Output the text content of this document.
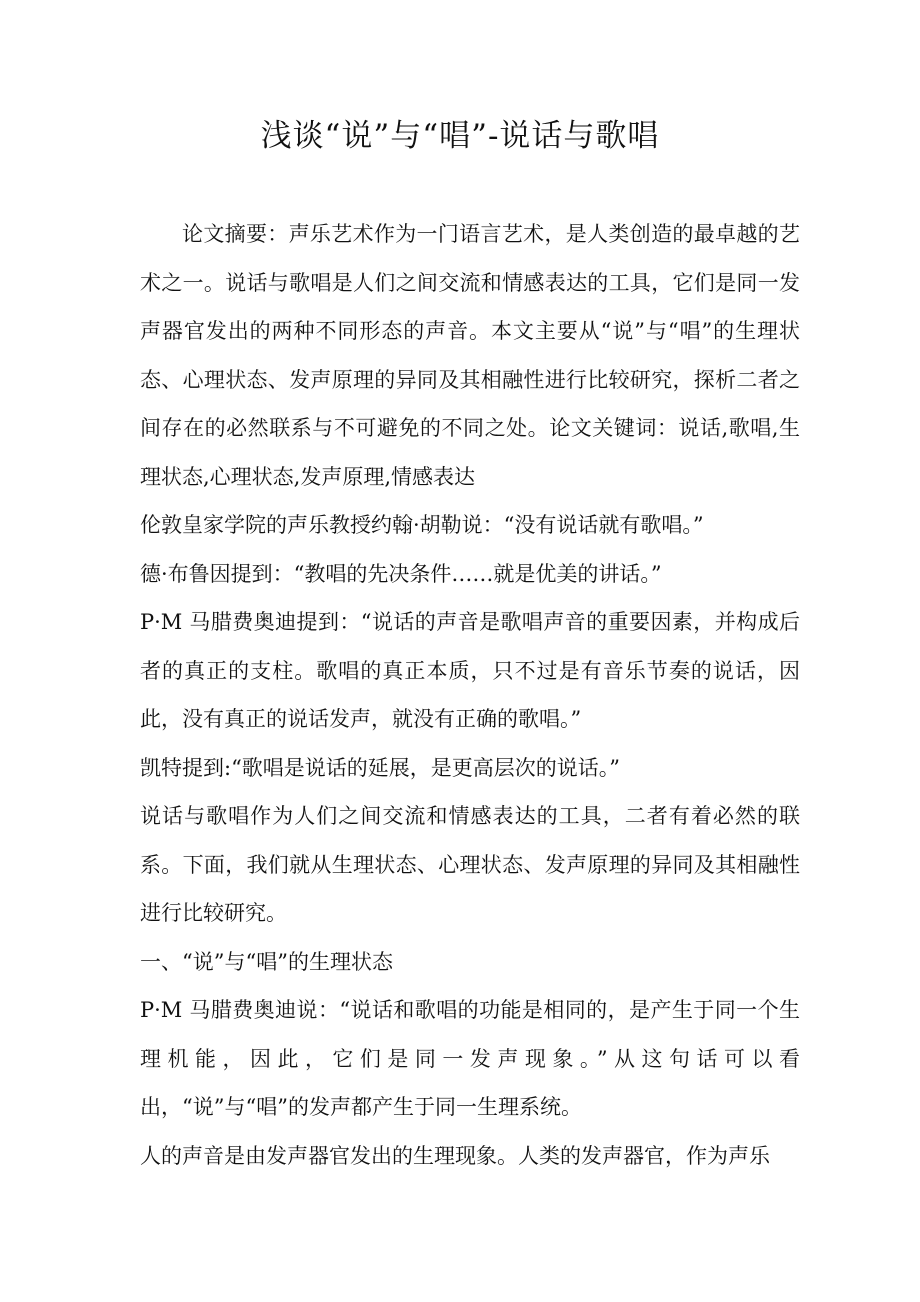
浅谈“说”与“唱”-说话与歌唱

论文摘要：声乐艺术作为一门语言艺术，是人类创造的最卓越的艺术之一。说话与歌唱是人们之间交流和情感表达的工具，它们是同一发声器官发出的两种不同形态的声音。本文主要从“说”与“唱”的生理状态、心理状态、发声原理的异同及其相融性进行比较研究，探析二者之间存在的必然联系与不可避免的不同之处。论文关键词：说话,歌唱,生理状态,心理状态,发声原理,情感表达

伦敦皇家学院的声乐教授约翰·胡勒说：“没有说话就有歌唱。”

德·布鲁因提到：“教唱的先决条件……就是优美的讲话。”

P·M 马腊费奥迪提到：“说话的声音是歌唱声音的重要因素，并构成后者的真正的支柱。歌唱的真正本质，只不过是有音乐节奏的说话，因此，没有真正的说话发声，就没有正确的歌唱。”

凯特提到:“歌唱是说话的延展，是更高层次的说话。”

说话与歌唱作为人们之间交流和情感表达的工具，二者有着必然的联系。下面，我们就从生理状态、心理状态、发声原理的异同及其相融性进行比较研究。

一、“说”与“唱”的生理状态

P·M 马腊费奥迪说：“说话和歌唱的功能是相同的，是产生于同一个生理机能，因此，它们是同一发声现象。”从这句话可以看出，“说”与“唱”的发声都产生于同一生理系统。

人的声音是由发声器官发出的生理现象。人类的发声器官，作为声乐
